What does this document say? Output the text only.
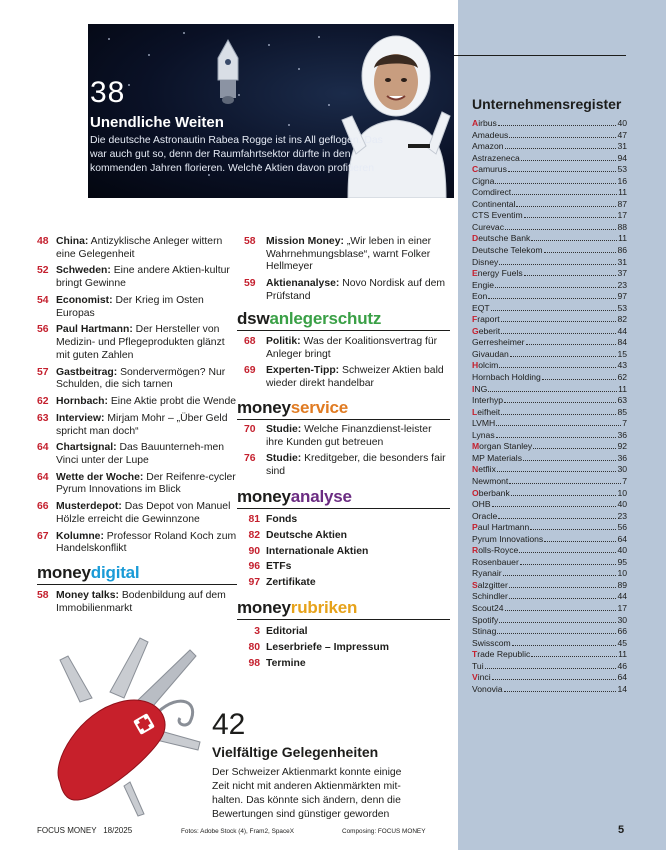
Unternehmensregister
Airbus	40
Amadeus	47
Amazon	31
Astrazeneca	94
Camurus	53
Cigna	16
Comdirect	11
Continental	87
CTS Eventim	17
Curevac	88
Deutsche Bank	11
Deutsche Telekom	86
Disney	31
Energy Fuels	37
Engie	23
Eon	97
EQT	53
Fraport	82
Geberit	44
Gerresheimer	84
Givaudan	15
Holcim	43
Hornbach Holding	62
ING	11
Interhyp	63
Leifheit	85
LVMH	7
Lynas	36
Morgan Stanley	92
MP Materials	36
Netflix	30
Newmont	7
Oberbank	10
OHB	40
Oracle	23
Paul Hartmann	56
Pyrum Innovations	64
Rolls-Royce	40
Rosenbauer	95
Ryanair	10
Salzgitter	89
Schindler	44
Scout24	17
Spotify	30
Stinag	66
Swisscom	45
Trade Republic	11
Tui	46
Vinci	64
Vonovia	14
38
Unendliche Weiten
Die deutsche Astronautin Rabea Rogge ist ins All geflogen. Das war auch gut so, denn der Raumfahrtsektor dürfte in den kommenden Jahren florieren. Welche Aktien davon profitieren
48 China: Antizyklische Anleger wittern eine Gelegenheit
52 Schweden: Eine andere Aktien-kultur bringt Gewinne
54 Economist: Der Krieg im Osten Europas
56 Paul Hartmann: Der Hersteller von Medizin- und Pflegeprodukten glänzt mit guten Zahlen
57 Gastbeitrag: Sondervermögen? Nur Schulden, die sich tarnen
62 Hornbach: Eine Aktie probt die Wende
63 Interview: Mirjam Mohr – „Über Geld spricht man doch“
64 Chartsignal: Das Bauunterneh-men Vinci unter der Lupe
64 Wette der Woche: Der Reifenre-cycler Pyrum Innovations im Blick
66 Musterdepot: Das Depot von Manuel Hölzle erreicht die Gewinnzone
67 Kolumne: Professor Roland Koch zum Handelskonflikt
moneydigital
58 Money talks: Bodenbildung auf dem Immobilienmarkt
58	Mission Money: „Wir leben in einer Wahrnehmungsblase“, warnt Folker Hellmeyer
59	Aktienanalyse: Novo Nordisk auf dem Prüfstand
dswanlegerschutz
68	Politik: Was der Koalitionsvertrag für Anleger bringt
69	Experten-Tipp: Schweizer Aktien bald wieder direkt handelbar
moneyservice
70	Studie: Welche Finanzdienst-leister ihre Kunden gut betreuen
76	Studie: Kreditgeber, die besonders fair sind
moneyanalyse
81 Fonds
82 Deutsche Aktien
90 Internationale Aktien
96 ETFs
97 Zertifikate
moneyrubriken
3 Editorial
80 Leserbriefe – Impressum
98 Termine
42
Vielfältige Gelegenheiten
Der Schweizer Aktienmarkt konnte einige Zeit nicht mit anderen Aktienmärkten mit-halten. Das könnte sich ändern, denn die Bewertungen sind günstiger geworden
FOCUS MONEY 18/2025	Fotos: Adobe Stock (4), Fram2, SpaceX	Composing: FOCUS MONEY	5
